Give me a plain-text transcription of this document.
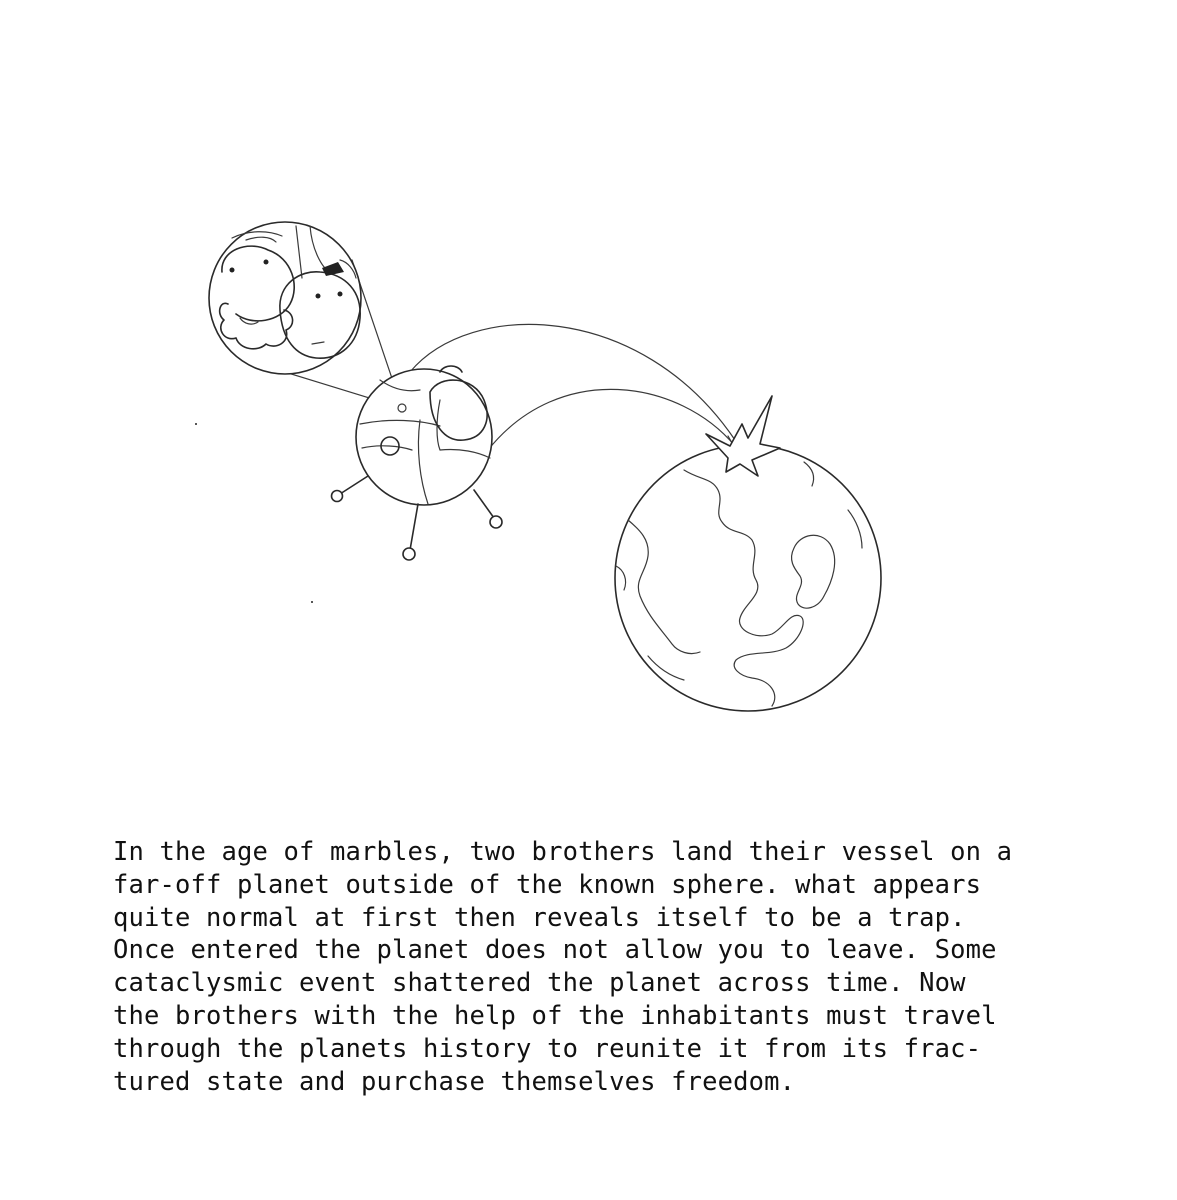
In the age of marbles, two brothers land their vessel on a
far-off planet outside of the known sphere. what appears
quite normal at first then reveals itself to be a trap.
Once entered the planet does not allow you to leave. Some
cataclysmic event shattered the planet across time. Now
the brothers with the help of the inhabitants must travel
through the planets history to reunite it from its frac-
tured state and purchase themselves freedom.
